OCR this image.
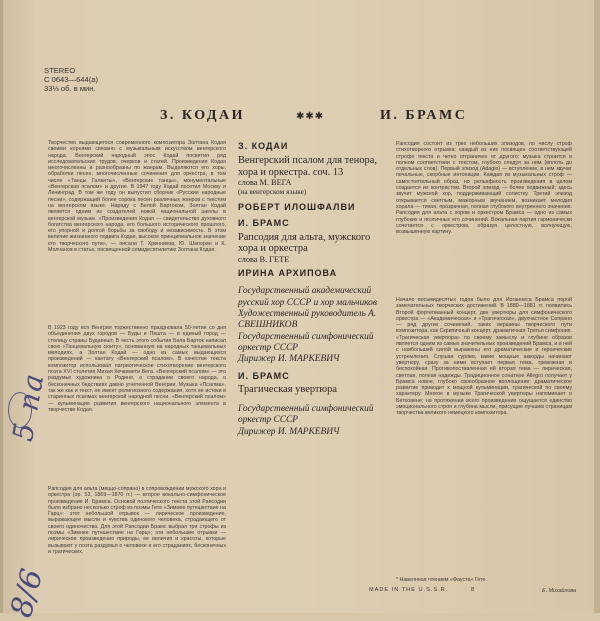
STEREO
С 0643—644(а)
33⅓ об. в мин.
З. КОДАИ	✱✱✱	И. БРАМС
Творчество выдающегося современного композитора Золтана Кодая своими корнями связано с музыкальным искусством венгерского народа. Венгерский народный эпос Кодай посвятил ряд исследовательских трудов, очерков и статей. Произведения Кодая многочисленны и разнообразны по жанрам. Выделяются его хоры, обработки песен, многочисленные сочинения для оркестра, в том числе «Танцы Галанты», «Венгерские танцы», монументальные «Венгерская псалом» и другие. В 1947 году Кодай посетил Москву и Ленинград. В том же году он выпустил сборник «Русские народные песни», содержащий более сорока песен различных жанров с текстом на венгерском языке. Наряду с Белой Бартоком, Золтан Кодай является одним из создателей новой национальной школы в венгерской музыке. «Произведения Кодая — свидетельство духовного богатства венгерского народа, его большого исторического прошлого, его упорной и долгой борьбы за свободу и независимость. В этом величие жизненного подвига Кодая, высокое принципиальное значение его творческого пути», — писали Т. Хренников, Ю. Шапорин и К. Молчанов в статье, посвященной семидесятилетию Золтана Кодая.
В 1923 году вся Венгрия торжественно праздновала 50-летие со дня объединения двух городов — Буды и Пешта — в единый город — столицу страны Будапешт. В честь этого события Бела Барток написал свою «Танцевальную сюиту», основанную на народных танцевальных мелодиях, а Золтан Кодай — одно из самых выдающихся произведений — кантату «Венгерский псалом». В качестве текста композитор использовал патриотическое стихотворение венгерского поэта XVI столетия Михая Кечкемети Вега. «Венгерский псалом» — это раздумье художника о Родине, о страдании своего народа, о бесконечных бедствиях давно угнетенной Венгрии. Музыка «Псалма», так же как и текст, не имеет религиозного содержания, хотя ее истоки в старинных псалмах венгерской народной песни. «Венгерский псалом» — кульминация развития венгерского национального элемента в творчестве Кодая.
Рапсодия для альта (меццо-сопрано) в сопровождении мужского хора и оркестра (ор. 53, 1869—1870 гг.) — второе вокально-симфоническое произведение И. Брамса. Основой поэтического текста этой Рапсодии было избрано несколько строф из поэмы Гете «Зимнее путешествие на Гарц»: этот небольшой отрывок — лирическое произведение, выражающее мысли и чувства одинокого человека, страдающего от своего одиночества. Для этой Рапсодии Брамс выбрал три строфы из поэмы «Зимнее путешествие на Гарц»; эти небольшие отрывки — лирическое произведение природы, ее величия и красоты, которые вызывают у поэта раздумья о человеке и его страданиях, бесконечных и трагических.
З. КОДАИ
Венгерский псалом для тенора, хора и оркестра. соч. 13
слова М. ВЕГА
(на венгерском языке)
РОБЕРТ ИЛОШФАЛВИ
И. БРАМС
Рапсодия для альта, мужского хора и оркестра
слова В. ГЕТЕ
ИРИНА АРХИПОВА
Государственный академический русский хор СССР и хор мальчиков
Художественный руководитель А. СВЕШНИКОВ
Государственный симфонический оркестр СССР
Дирижер И. МАРКЕВИЧ
И. БРАМС
Трагическая увертюра
Государственный симфонический оркестр СССР
Дирижер И. МАРКЕВИЧ
Рапсодия состоит из трех небольших эпизодов, по числу строф стихотворного отрывка: каждый из них посвящен соответствующей строфе текста и четко отграничен от другого; музыка строится в полном соответствии с текстом, глубоко следуя за ним (вплоть до отдельных слов). Первый эпизод (Adagio) — вступление, в нем звучат печальные, скорбные интонации. Каждая из музыкальных строф — самостоятельный образ, но рельефность произведения в целом создается их контрастом. Второй эпизод — более подвижный; здесь звучит мужской хор, поддерживающий солистку. Третий эпизод открывается светлым, мажорным звучанием, возникает мелодия хорала — тихая, прозрачная, полная глубокого внутреннего значения. Рапсодия для альта с хором и оркестром Брамса — одно из самых глубоких и поэтичных его сочинений. Вокальная партия гармонически сочетается с оркестром, образуя целостную, волнующую, возвышенную картину.
Начало восьмидесятых годов было для Иоганнеса Брамса порой замечательных творческих достижений. В 1880—1881 гг. появились Второй фортепианный концерт, две увертюры для симфонического оркестра — «Академическая» и «Трагическая», двухчастное Сопрано — ряд других сочинений, таких вершины творческого пути композитора, как Скрипичный концерт, драматичная Третья симфония. «Трагическая увертюра» по своему замыслу и глубине образов является одним из самых значительных произведений Брамса, и в ней с наибольшей силой выражены его драматические и героические устремления. Слушая сурово, какие мощные аккорды начинают увертюру, сразу за ними вступает первая тема, тревожная и беспокойная. Противопоставленная ей вторая тема — лирическая, светлая, полная надежды. Традиционное сонатное Allegro получает у Брамса новое, глубоко своеобразное воплощение: драматическое развитие приводит к мощной кульминации, трагической по своему характеру. Многое в музыке Трагической увертюры напоминает о Бетховене; на протяжении всего произведения ощущается единство эмоционального строя и глубина мысли, присущие лучшим страницам творчества великого немецкого композитора.
* Навеянная чтением «Фауста» Гете.
Е. Михайлова
MADE IN THE U.S.S.R.	8
5 па
8/6
